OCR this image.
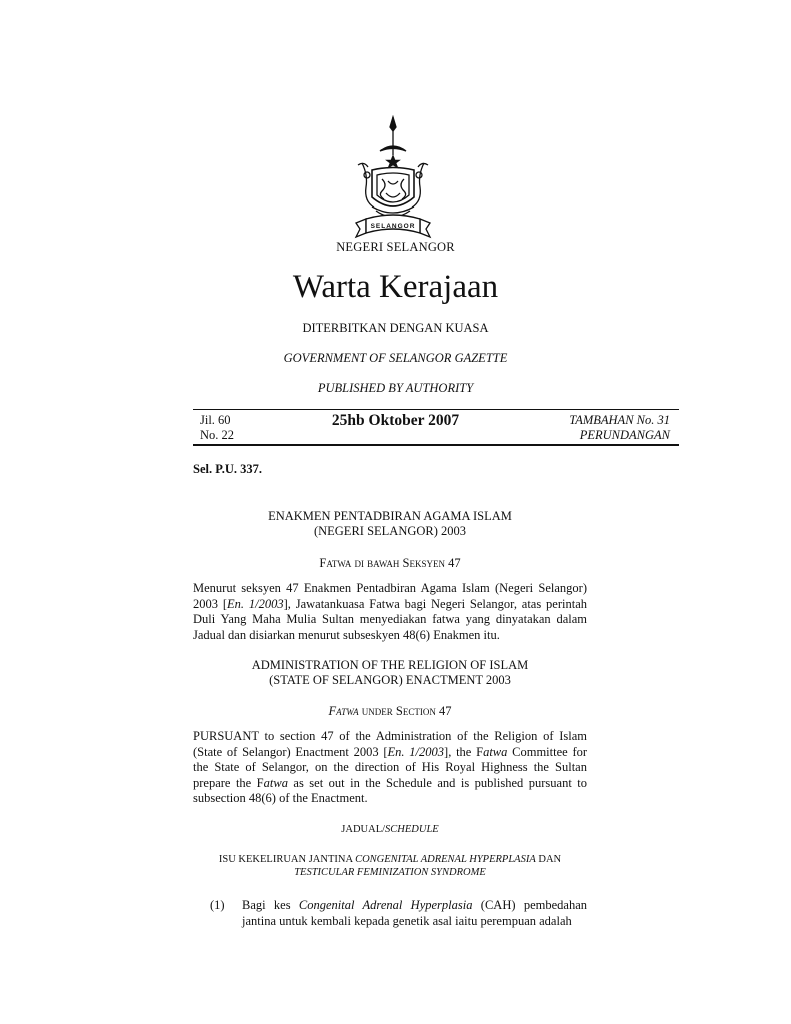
SELANGOR
NEGERI SELANGOR
Warta Kerajaan
DITERBITKAN DENGAN KUASA
GOVERNMENT OF SELANGOR GAZETTE
PUBLISHED BY AUTHORITY
Jil. 60
No. 22
25hb Oktober 2007	TAMBAHAN No. 31
PERUNDANGAN
Sel. P.U. 337.
ENAKMEN PENTADBIRAN AGAMA ISLAM
(NEGERI SELANGOR) 2003
Fatwa di bawah Seksyen 47

Menurut seksyen 47 Enakmen Pentadbiran Agama Islam (Negeri Selangor) 2003 [En. 1/2003], Jawatankuasa Fatwa bagi Negeri Selangor, atas perintah Duli Yang Maha Mulia Sultan menyediakan fatwa yang dinyatakan dalam Jadual dan disiarkan menurut subseskyen 48(6) Enakmen itu.

ADMINISTRATION OF THE RELIGION OF ISLAM
(STATE OF SELANGOR) ENACTMENT 2003
Fatwa under Section 47

PURSUANT to section 47 of the Administration of the Religion of Islam (State of Selangor) Enactment 2003 [En. 1/2003], the Fatwa Committee for the State of Selangor, on the direction of His Royal Highness the Sultan prepare the Fatwa as set out in the Schedule and is published pursuant to subsection 48(6) of the Enactment.

JADUAL/SCHEDULE
ISU KEKELIRUAN JANTINA CONGENITAL ADRENAL HYPERPLASIA DAN
TESTICULAR FEMINIZATION SYNDROME
(1) Bagi kes Congenital Adrenal Hyperplasia (CAH) pembedahan jantina untuk kembali kepada genetik asal iaitu perempuan adalah
